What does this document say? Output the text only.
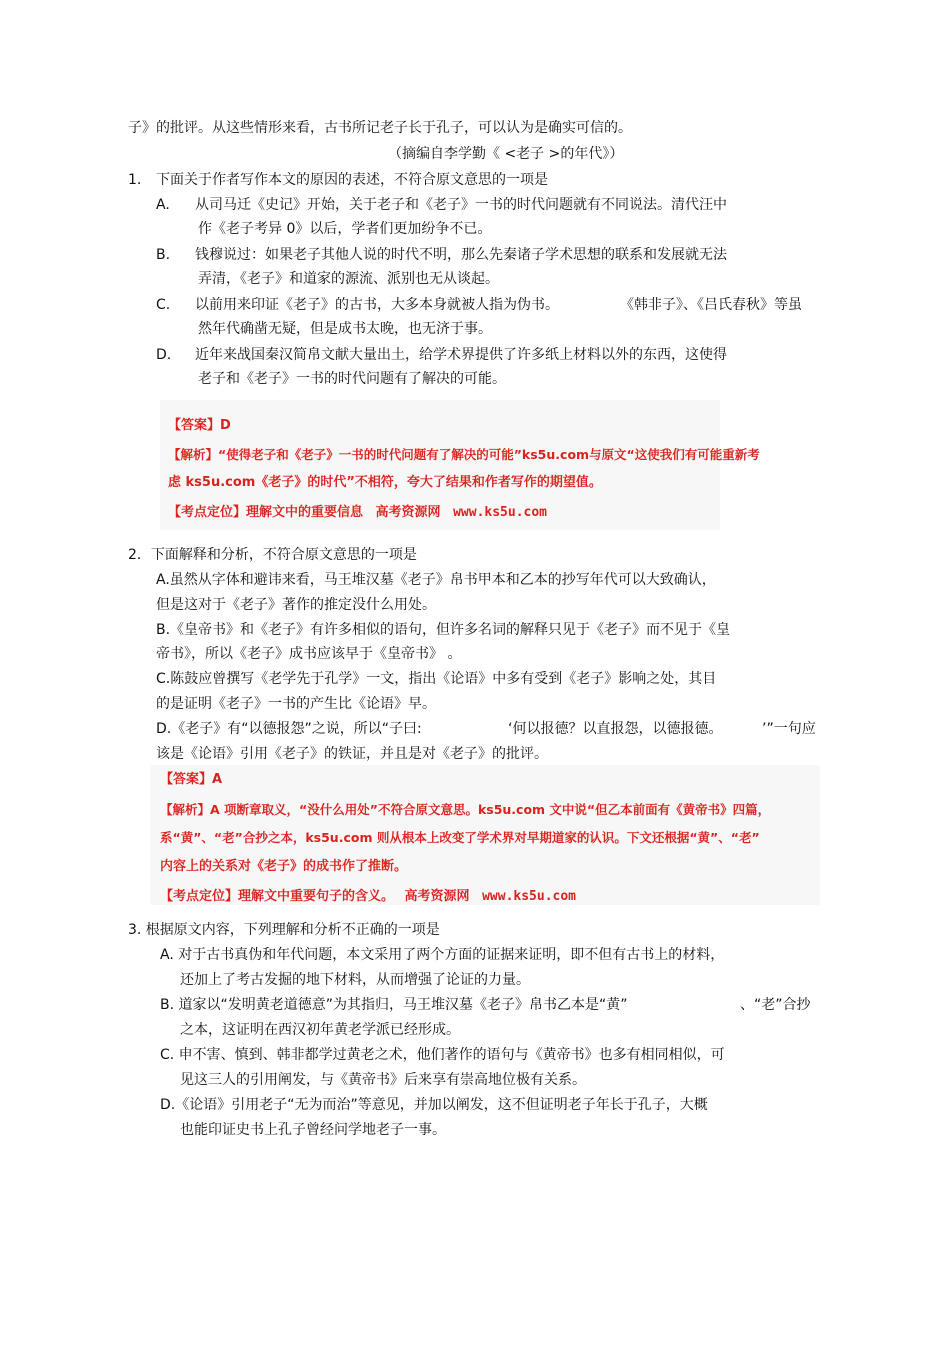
子》的批评。从这些情形来看，古书所记老子长于孔子，可以认为是确实可信的。
（摘编自李学勤《 <老子 >的年代》）
1. 下面关于作者写作本文的原因的表述，不符合原文意思的一项是
A. 从司马迁《史记》开始，关于老子和《老子》一书的时代问题就有不同说法。清代汪中
作《老子考异 0》以后，学者们更加纷争不已。
B. 钱穆说过：如果老子其他人说的时代不明，那么先秦诸子学术思想的联系和发展就无法
弄清，《老子》和道家的源流、派别也无从谈起。
C. 以前用来印证《老子》的古书，大多本身就被人指为伪书。	《韩非子》、《吕氏春秋》等虽
然年代确凿无疑，但是成书太晚，也无济于事。
D. 近年来战国秦汉简帛文献大量出土，给学术界提供了许多纸上材料以外的东西，这使得
老子和《老子》一书的时代问题有了解决的可能。
【答案】D
【解析】“使得老子和《老子》一书的时代问题有了解决的可能”ks5u.com与原文“这使我们有可能重新考
虑 ks5u.com《老子》的时代”不相符，夸大了结果和作者写作的期望值。
【考点定位】理解文中的重要信息 高考资源网 www.ks5u.com
2．下面解释和分析，不符合原文意思的一项是
A.虽然从字体和避讳来看，马王堆汉墓《老子》帛书甲本和乙本的抄写年代可以大致确认，
但是这对于《老子》著作的推定没什么用处。
B.《皇帝书》和《老子》有许多相似的语句，但许多名词的解释只见于《老子》而不见于《皇
帝书》，所以《老子》成书应该早于《皇帝书》 。
C.陈鼓应曾撰写《老学先于孔学》一文，指出《论语》中多有受到《老子》影响之处，其目
的是证明《老子》一书的产生比《论语》早。
D.《老子》有“以德报怨”之说，所以“子曰:	‘何以报德？以直报怨，以德报德。	’”一句应
该是《论语》引用《老子》的铁证，并且是对《老子》的批评。
【答案】A
【解析】A 项断章取义，“没什么用处”不符合原文意思。ks5u.com 文中说“但乙本前面有《黄帝书》四篇，
系“黄”、“老”合抄之本，ks5u.com 则从根本上改变了学术界对早期道家的认识。下文还根据“黄”、“老”
内容上的关系对《老子》的成书作了推断。
【考点定位】理解文中重要句子的含义。 高考资源网 www.ks5u.com
3. 根据原文内容，下列理解和分析不正确的一项是
A. 对于古书真伪和年代问题，本文采用了两个方面的证据来证明，即不但有古书上的材料，
还加上了考古发掘的地下材料，从而增强了论证的力量。
B. 道家以“发明黄老道德意”为其指归，马王堆汉墓《老子》帛书乙本是“黄”	、“老”合抄
之本，这证明在西汉初年黄老学派已经形成。
C. 申不害、慎到、韩非都学过黄老之术，他们著作的语句与《黄帝书》也多有相同相似，可
见这三人的引用阐发，与《黄帝书》后来享有崇高地位极有关系。
D.《论语》引用老子“无为而治”等意见，并加以阐发，这不但证明老子年长于孔子，大概
也能印证史书上孔子曾经问学地老子一事。
